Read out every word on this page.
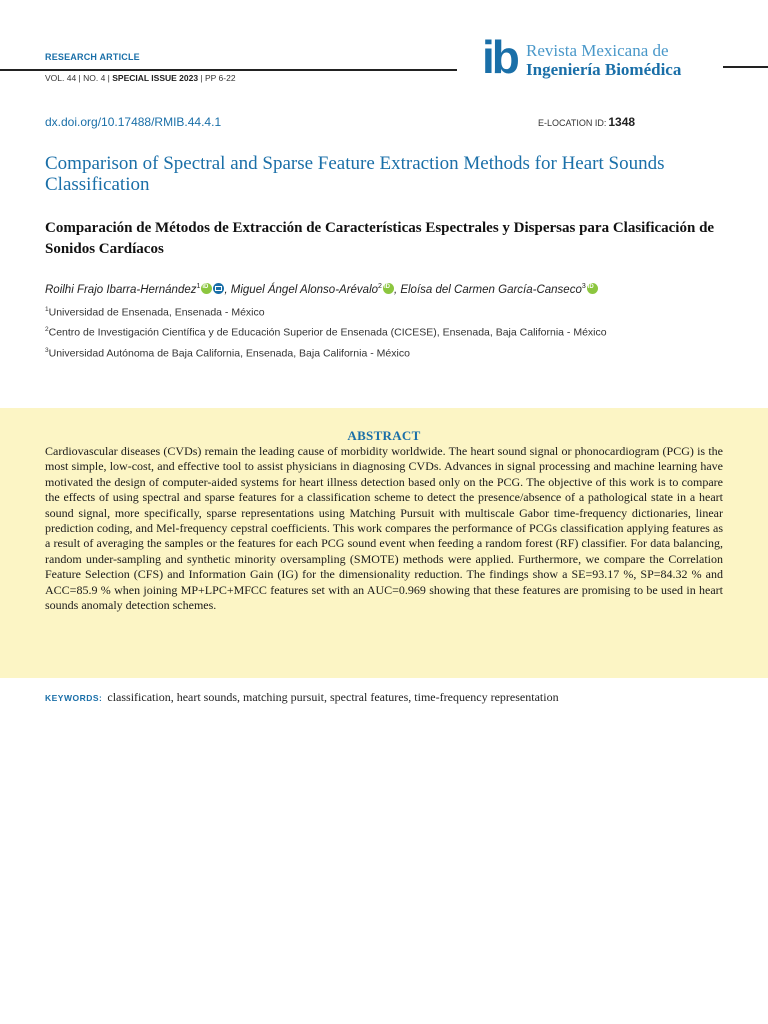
RESEARCH ARTICLE
VOL. 44 | NO. 4 | SPECIAL ISSUE 2023 | PP 6-22	ib Revista Mexicana de
Ingeniería Biomédica
dx.doi.org/10.17488/RMIB.44.4.1	E-LOCATION ID: 1348
Comparison of Spectral and Sparse Feature Extraction Methods for Heart Sounds Classification
Comparación de Métodos de Extracción de Características Espectrales y Dispersas para Clasificación de Sonidos Cardíacos
Roilhi Frajo Ibarra-Hernández$^1$ iD , Miguel Ángel Alonso-Arévalo$^2$ iD , Eloísa del Carmen García-Canseco$^3$iD
$^1$Universidad de Ensenada, Ensenada - México
$^2$Centro de Investigación Científica y de Educación Superior de Ensenada (CICESE), Ensenada, Baja California - México
$^3$Universidad Autónoma de Baja California, Ensenada, Baja California - México
ABSTRACT
Cardiovascular diseases (CVDs) remain the leading cause of morbidity worldwide. The heart sound signal or phonocardiogram (PCG) is the most simple, low-cost, and effective tool to assist physicians in diagnosing CVDs. Advances in signal processing and machine learning have motivated the design of computer-aided systems for heart illness detection based only on the PCG. The objective of this work is to compare the effects of using spectral and sparse features for a classification scheme to detect the presence/absence of a pathological state in a heart sound signal, more specifically, sparse representations using Matching Pursuit with multiscale Gabor time-frequency dictionaries, linear prediction coding, and Mel-frequency cepstral coefficients. This work compares the performance of PCGs classification applying features as a result of averaging the samples or the features for each PCG sound event when feeding a random forest (RF) classifier. For data balancing, random under-sampling and synthetic minority oversampling (SMOTE) methods were applied. Furthermore, we compare the Correlation Feature Selection (CFS) and Information Gain (IG) for the dimensionality reduction. The findings show a SE=93.17 %, SP=84.32 % and ACC=85.9 % when joining MP+LPC+MFCC features set with an AUC=0.969 showing that these features are promising to be used in heart sounds anomaly detection schemes.
KEYWORDS: classification, heart sounds, matching pursuit, spectral features, time-frequency representation
